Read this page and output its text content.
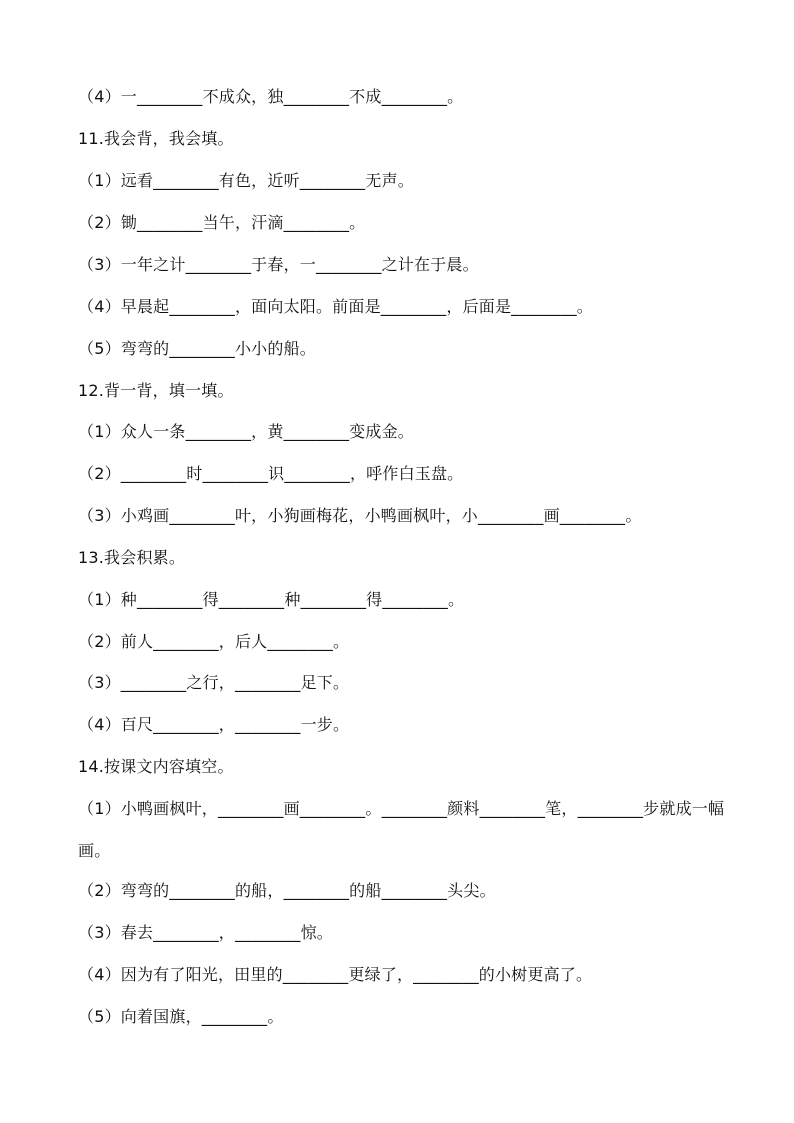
（4）一________不成众，独________不成________。
11.我会背，我会填。
（1）远看________有色，近听________无声。
（2）锄________当午，汗滴________。
（3）一年之计________于春，一________之计在于晨。
（4）早晨起________，面向太阳。前面是________，后面是________。
（5）弯弯的________小小的船。
12.背一背，填一填。
（1）众人一条________，黄________变成金。
（2）________时________识________，呼作白玉盘。
（3）小鸡画________叶，小狗画梅花，小鸭画枫叶，小________画________。
13.我会积累。
（1）种________得________种________得________。
（2）前人________，后人________。
（3）________之行，________足下。
（4）百尺________，________一步。
14.按课文内容填空。
（1）小鸭画枫叶，________画________。________颜料________笔，________步就成一幅画。
（2）弯弯的________的船，________的船________头尖。
（3）春去________，________惊。
（4）因为有了阳光，田里的________更绿了，________的小树更高了。
（5）向着国旗，________。
